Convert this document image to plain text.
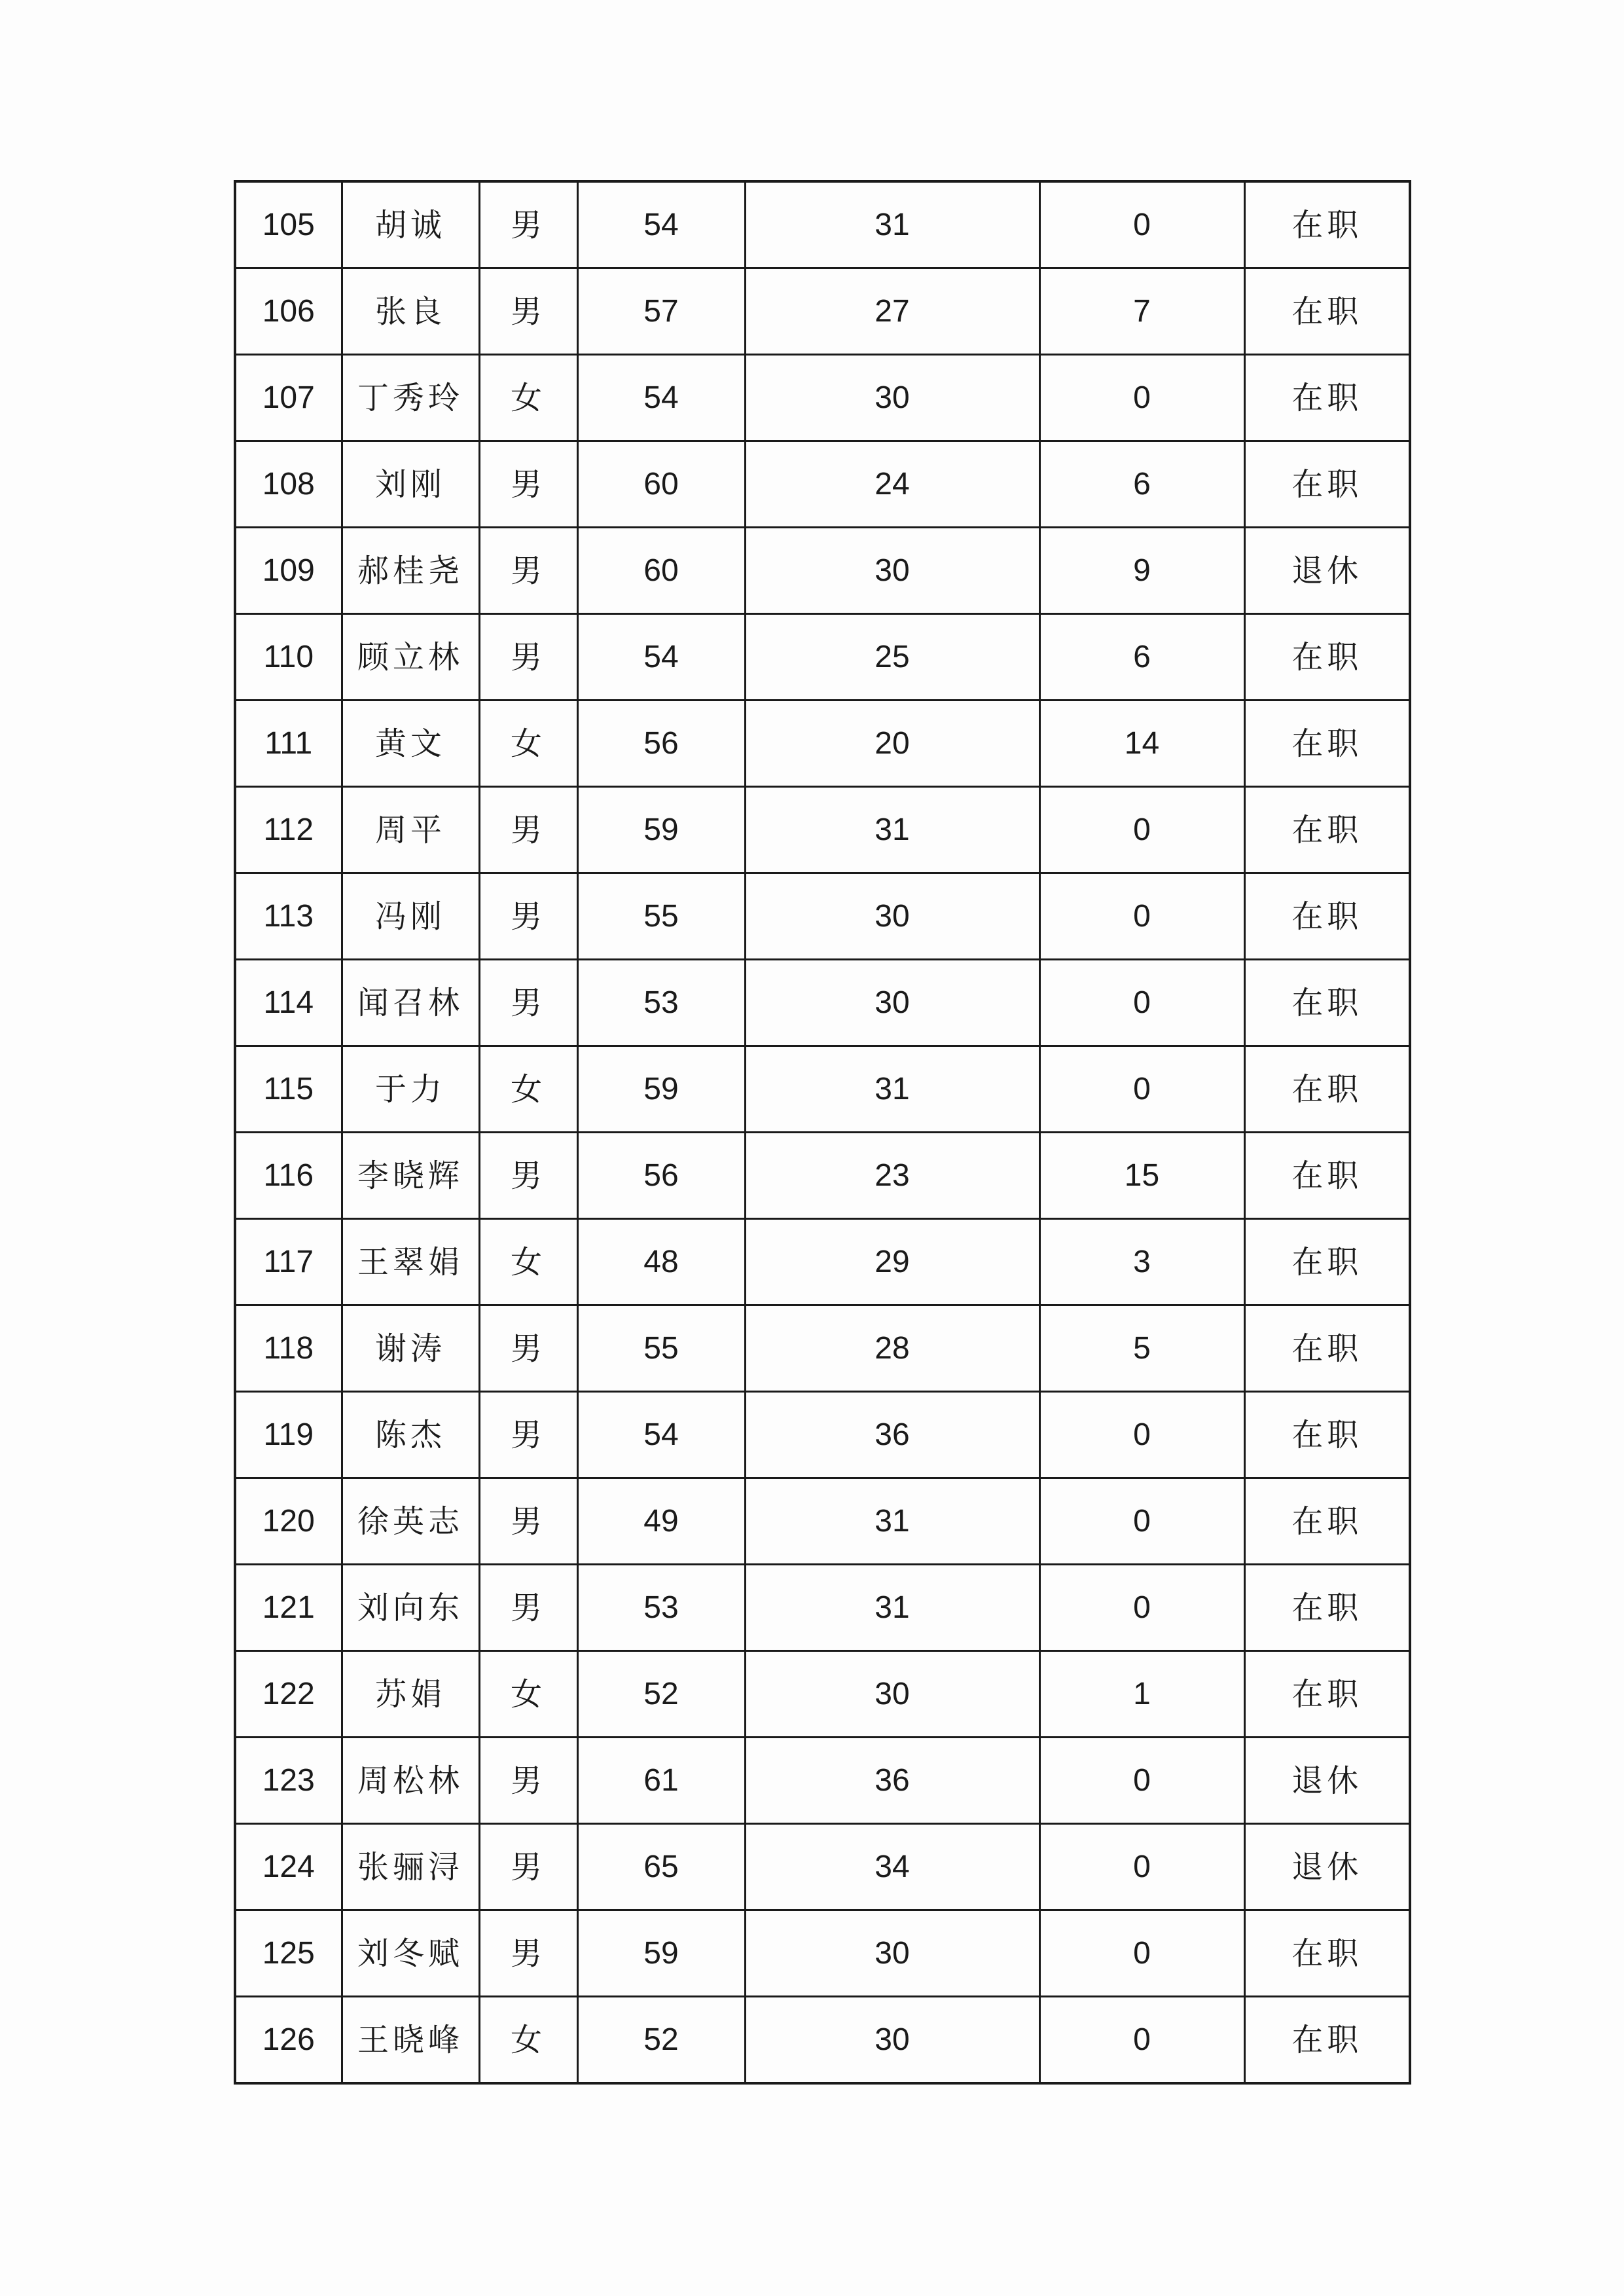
105	胡诚	男	54	31	0	在职
106	张良	男	57	27	7	在职
107	丁秀玲	女	54	30	0	在职
108	刘刚	男	60	24	6	在职
109	郝桂尧	男	60	30	9	退休
110	顾立林	男	54	25	6	在职
111	黄文	女	56	20	14	在职
112	周平	男	59	31	0	在职
113	冯刚	男	55	30	0	在职
114	闻召林	男	53	30	0	在职
115	于力	女	59	31	0	在职
116	李晓辉	男	56	23	15	在职
117	王翠娟	女	48	29	3	在职
118	谢涛	男	55	28	5	在职
119	陈杰	男	54	36	0	在职
120	徐英志	男	49	31	0	在职
121	刘向东	男	53	31	0	在职
122	苏娟	女	52	30	1	在职
123	周松林	男	61	36	0	退休
124	张骊浔	男	65	34	0	退休
125	刘冬赋	男	59	30	0	在职
126	王晓峰	女	52	30	0	在职
